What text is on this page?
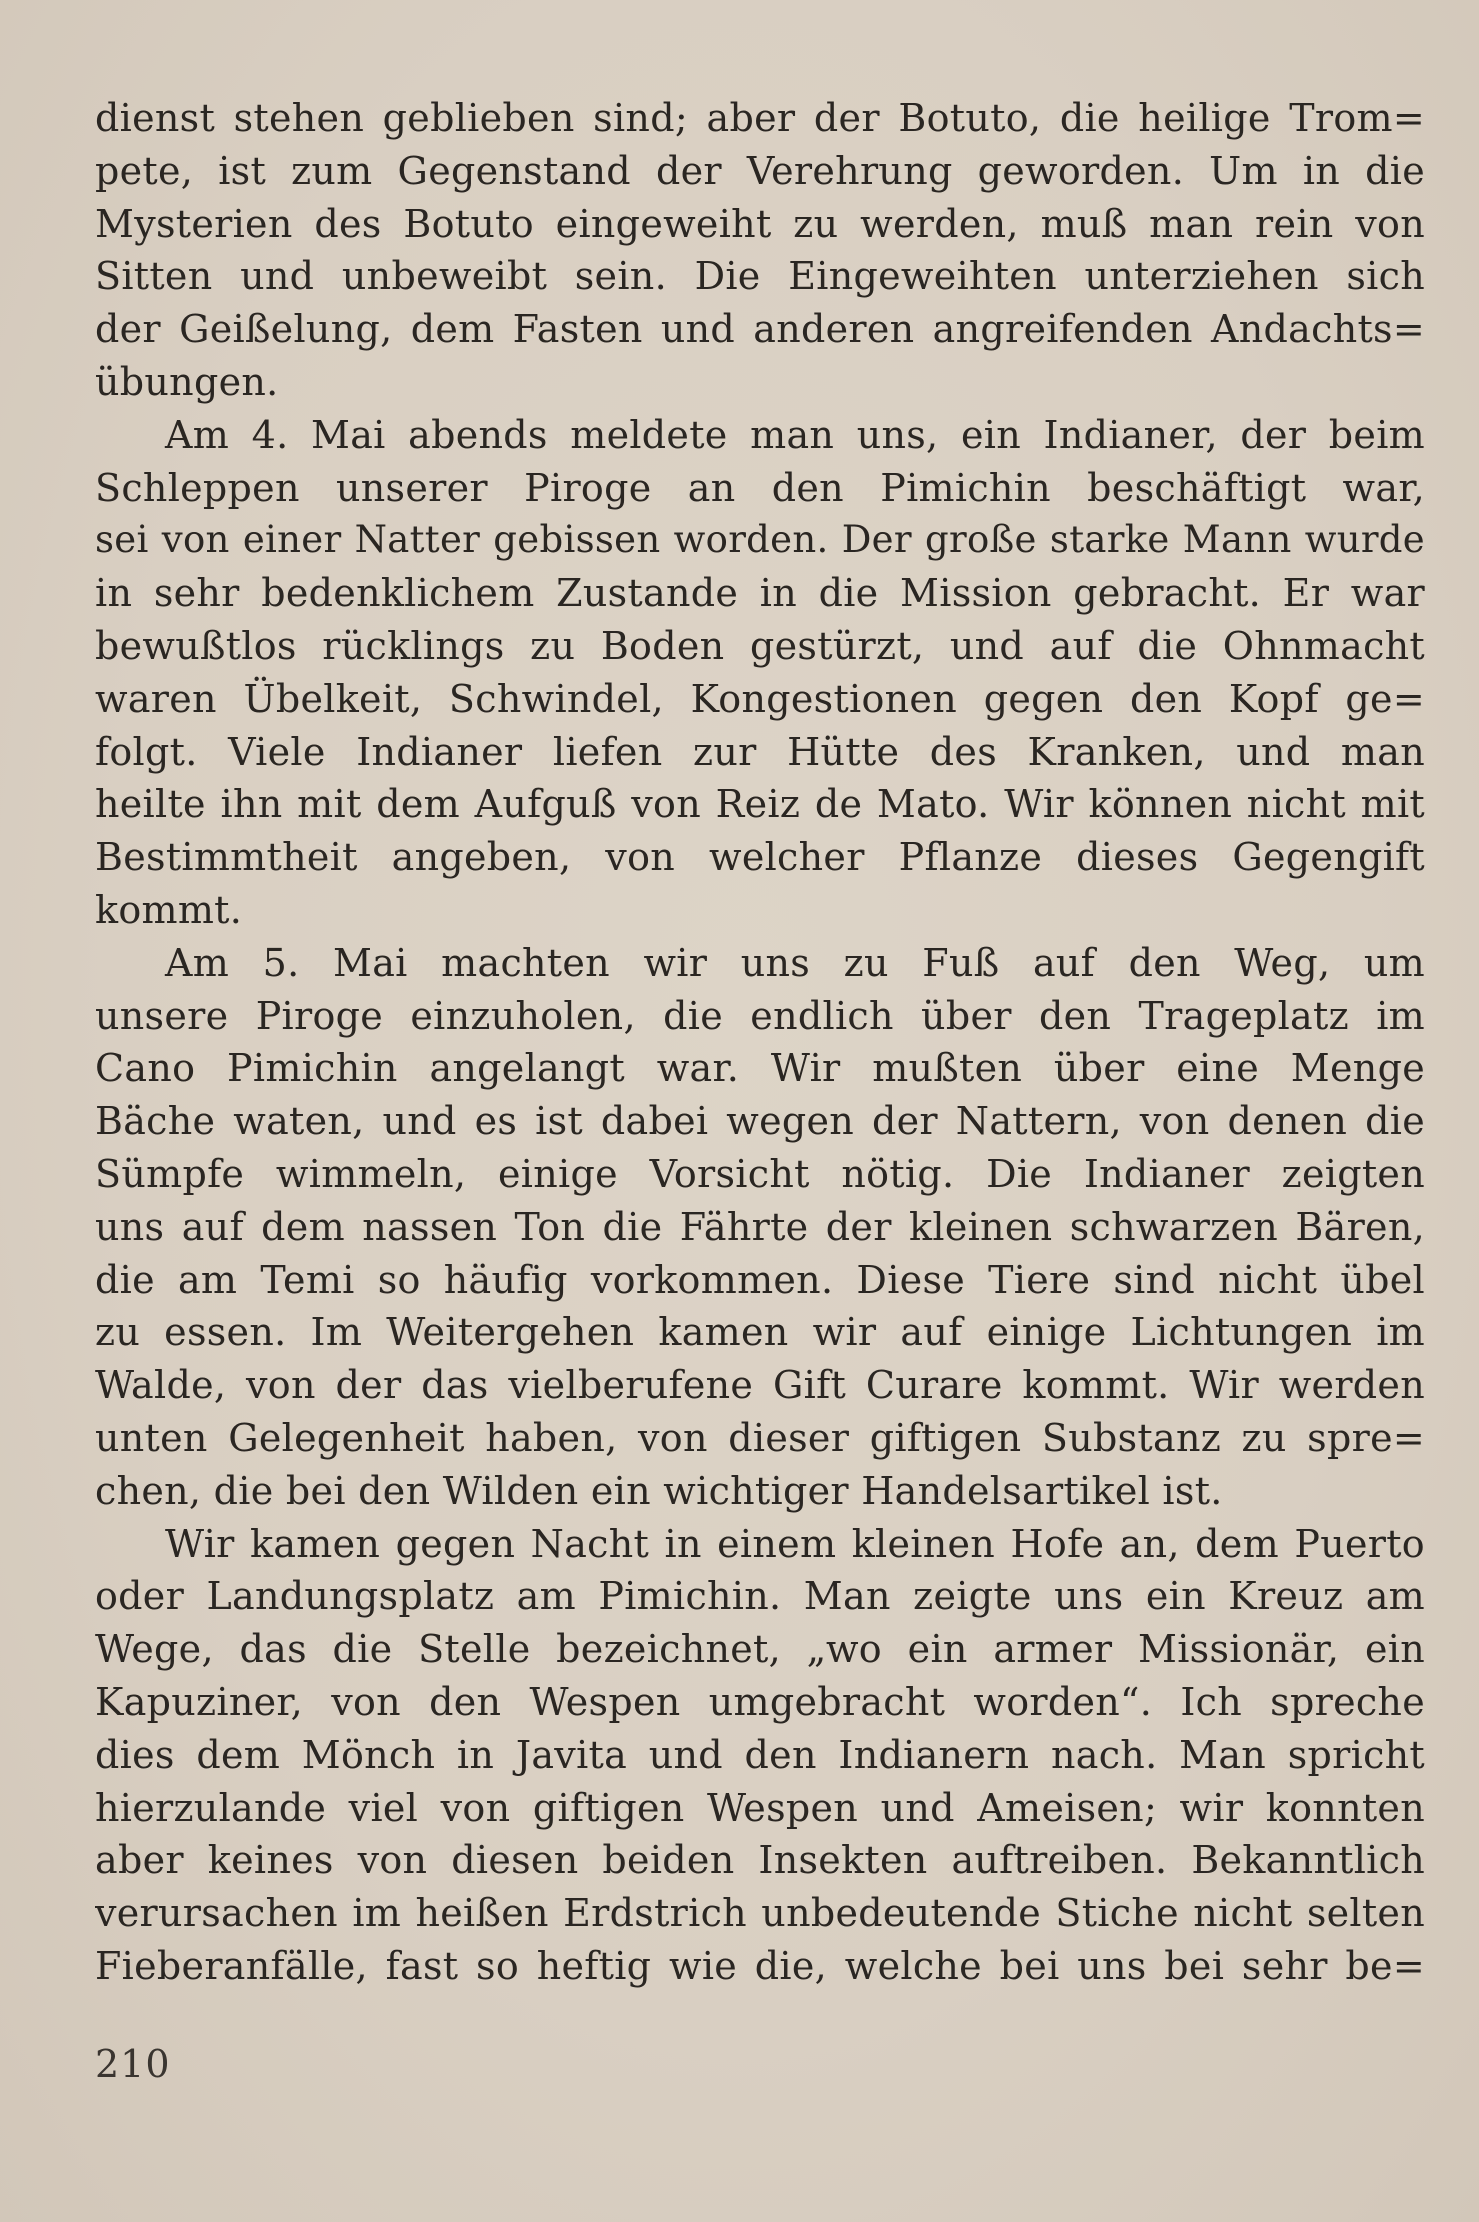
dienst stehen geblieben sind; aber der Botuto, die heilige Trom=
pete, ist zum Gegenstand der Verehrung geworden. Um in die
Mysterien des Botuto eingeweiht zu werden, muß man rein von
Sitten und unbeweibt sein. Die Eingeweihten unterziehen sich
der Geißelung, dem Fasten und anderen angreifenden Andachts=
übungen.
Am 4. Mai abends meldete man uns, ein Indianer, der beim
Schleppen unserer Piroge an den Pimichin beschäftigt war,
sei von einer Natter gebissen worden. Der große starke Mann wurde
in sehr bedenklichem Zustande in die Mission gebracht. Er war
bewußtlos rücklings zu Boden gestürzt, und auf die Ohnmacht
waren Übelkeit, Schwindel, Kongestionen gegen den Kopf ge=
folgt. Viele Indianer liefen zur Hütte des Kranken, und man
heilte ihn mit dem Aufguß von Reiz de Mato. Wir können nicht mit
Bestimmtheit angeben, von welcher Pflanze dieses Gegengift
kommt.
Am 5. Mai machten wir uns zu Fuß auf den Weg, um
unsere Piroge einzuholen, die endlich über den Trageplatz im
Cano Pimichin angelangt war. Wir mußten über eine Menge
Bäche waten, und es ist dabei wegen der Nattern, von denen die
Sümpfe wimmeln, einige Vorsicht nötig. Die Indianer zeigten
uns auf dem nassen Ton die Fährte der kleinen schwarzen Bären,
die am Temi so häufig vorkommen. Diese Tiere sind nicht übel
zu essen. Im Weitergehen kamen wir auf einige Lichtungen im
Walde, von der das vielberufene Gift Curare kommt. Wir werden
unten Gelegenheit haben, von dieser giftigen Substanz zu spre=
chen, die bei den Wilden ein wichtiger Handelsartikel ist.
Wir kamen gegen Nacht in einem kleinen Hofe an, dem Puerto
oder Landungsplatz am Pimichin. Man zeigte uns ein Kreuz am
Wege, das die Stelle bezeichnet, „wo ein armer Missionär, ein
Kapuziner, von den Wespen umgebracht worden“. Ich spreche
dies dem Mönch in Javita und den Indianern nach. Man spricht
hierzulande viel von giftigen Wespen und Ameisen; wir konnten
aber keines von diesen beiden Insekten auftreiben. Bekanntlich
verursachen im heißen Erdstrich unbedeutende Stiche nicht selten
Fieberanfälle, fast so heftig wie die, welche bei uns bei sehr be=
210
